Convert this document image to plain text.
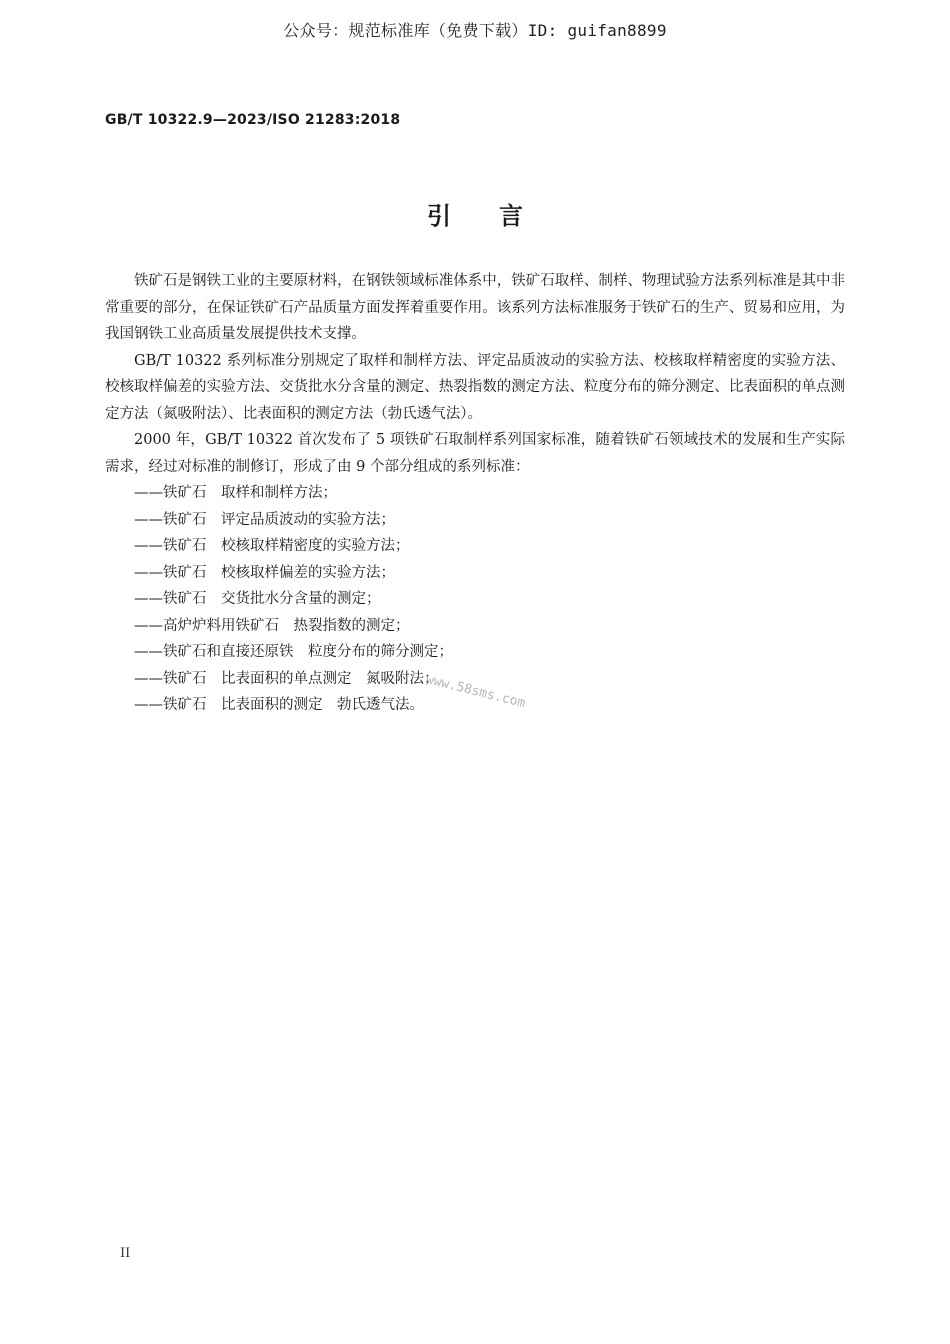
公众号：规范标准库（免费下载）ID: guifan8899
GB/T 10322.9—2023/ISO 21283:2018
引言

铁矿石是钢铁工业的主要原材料，在钢铁领域标准体系中，铁矿石取样、制样、物理试验方法系列标准是其中非常重要的部分，在保证铁矿石产品质量方面发挥着重要作用。该系列方法标准服务于铁矿石的生产、贸易和应用，为我国钢铁工业高质量发展提供技术支撑。

GB/T 10322 系列标准分别规定了取样和制样方法、评定品质波动的实验方法、校核取样精密度的实验方法、校核取样偏差的实验方法、交货批水分含量的测定、热裂指数的测定方法、粒度分布的筛分测定、比表面积的单点测定方法（氮吸附法）、比表面积的测定方法（勃氏透气法）。

2000 年，GB/T 10322 首次发布了 5 项铁矿石取制样系列国家标准，随着铁矿石领域技术的发展和生产实际需求，经过对标准的制修订，形成了由 9 个部分组成的系列标准：

——铁矿石　取样和制样方法；
——铁矿石　评定品质波动的实验方法；
——铁矿石　校核取样精密度的实验方法；
——铁矿石　校核取样偏差的实验方法；
——铁矿石　交货批水分含量的测定；
——高炉炉料用铁矿石　热裂指数的测定；
——铁矿石和直接还原铁　粒度分布的筛分测定；
——铁矿石　比表面积的单点测定　氮吸附法；
——铁矿石　比表面积的测定　勃氏透气法。 www.58sms.com
II
